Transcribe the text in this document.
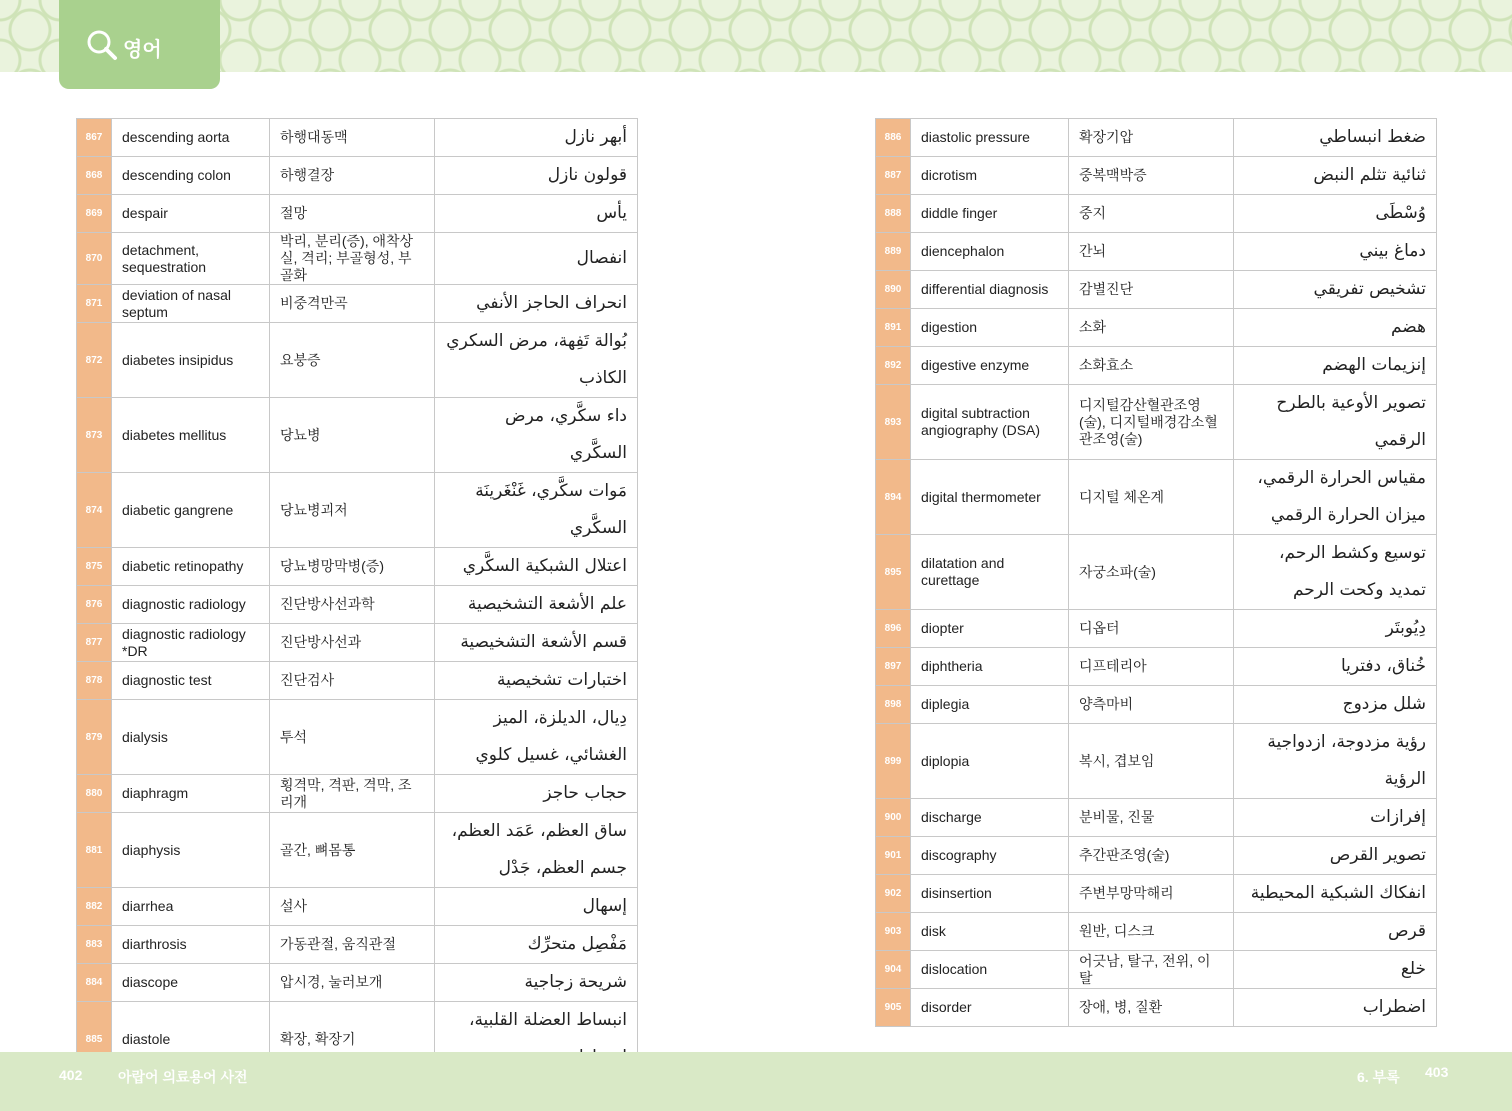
영어
867	descending aorta	하행대동맥	أبهر نازل
868	descending colon	하행결장	قولون نازل
869	despair	절망	يأس
870	detachment, sequestration	박리, 분리(증), 애착상실, 격리; 부골형성, 부골화	انفصال
871	deviation of nasal septum	비중격만곡	انحراف الحاجز الأنفي
872	diabetes insipidus	요붕증	بُوالة تَفِهة، مرض السكري الكاذب
873	diabetes mellitus	당뇨병	داء سكَّري، مرض السكَّري
874	diabetic gangrene	당뇨병괴저	مَوات سكَّري، غَنْغَرينَة السكَّري
875	diabetic retinopathy	당뇨병망막병(증)	اعتلال الشبكية السكَّري
876	diagnostic radiology	진단방사선과학	علم الأشعة التشخيصية
877	diagnostic radiology *DR	진단방사선과	قسم الأشعة التشخيصية
878	diagnostic test	진단검사	اختبارات تشخيصية
879	dialysis	투석	دِيال، الديلزة، الميز الغشائي، غسيل كلوي
880	diaphragm	횡격막, 격판, 격막, 조리개	حجاب حاجز
881	diaphysis	골간, 뼈몸통	ساق العظم، عَمَد العظم، جسم العظم، جَدْل
882	diarrhea	설사	إسهال
883	diarthrosis	가동관절, 움직관절	مَفْصِل متحرِّك
884	diascope	압시경, 눌러보개	شريحة زجاجية
885	diastole	확장, 확장기	انبساط العضلة القلبية،
886	diastolic pressure	확장기압	ضغط انبساطي
887	dicrotism	중복맥박증	ثنائية تثلم النبض
888	diddle finger	중지	وُسْطَى
889	diencephalon	간뇌	دماغ بيني
890	differential diagnosis	감별진단	تشخيص تفريقي
891	digestion	소화	هضم
892	digestive enzyme	소화효소	إنزيمات الهضم
893	digital subtraction angiography (DSA)	디지털감산혈관조영(술), 디지털배경감소혈관조영(술)	تصوير الأوعية بالطرح الرقمي
894	digital thermometer	디지털 체온계	مقياس الحرارة الرقمي، ميزان الحرارة الرقمي
895	dilatation and curettage	자궁소파(술)	توسيع وكشط الرحم، تمديد وكحت الرحم
896	diopter	디옵터	دِيُوبتَر
897	diphtheria	디프테리아	خُناق، دفتريا
898	diplegia	양측마비	شلل مزدوج
899	diplopia	복시, 겹보임	رؤية مزدوجة، ازدواجية الرؤية
900	discharge	분비물, 진물	إفرازات
901	discography	추간판조영(술)	تصوير القرص
902	disinsertion	주변부망막해리	انفكاك الشبكية المحيطية
903	disk	원반, 디스크	قرص
904	dislocation	어긋남, 탈구, 전위, 이탈	خلع
905	disorder	장애, 병, 질환	اضطراب
402	아랍어 의료용어 사전	6. 부록 403
